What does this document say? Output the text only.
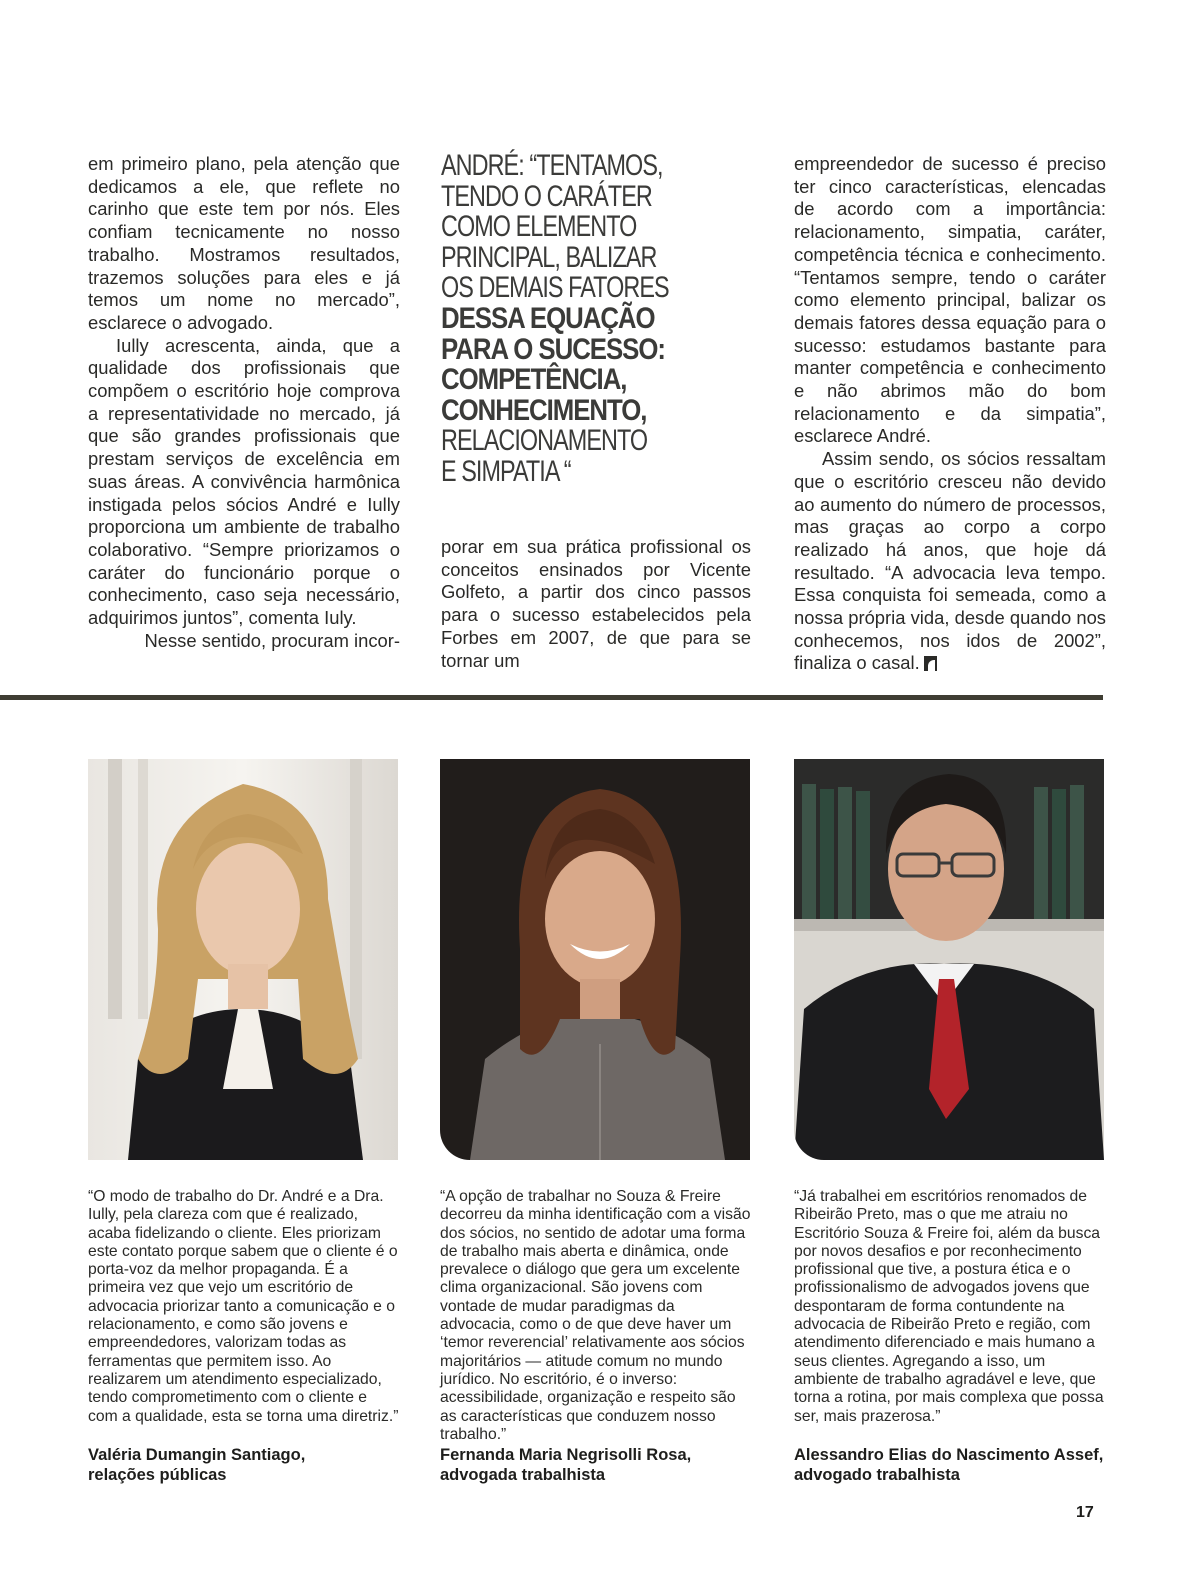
em primeiro plano, pela atenção que dedicamos a ele, que reflete no carinho que este tem por nós. Eles confiam tecnicamente no nosso trabalho. Mostramos resultados, trazemos soluções para eles e já temos um nome no mercado”, esclarece o advogado.

Iully acrescenta, ainda, que a qualidade dos profissionais que compõem o escritório hoje comprova a representatividade no mercado, já que são grandes profissionais que prestam serviços de excelência em suas áreas. A convivência harmônica instigada pelos sócios André e Iully proporciona um ambiente de trabalho colaborativo. “Sempre priorizamos o caráter do funcionário porque o conhecimento, caso seja necessário, adquirimos juntos”, comenta Iuly.

Nesse sentido, procuram incor-

ANDRÉ: “TENTAMOS,
TENDO O CARÁTER
COMO ELEMENTO
PRINCIPAL, BALIZAR
OS DEMAIS FATORES
DESSA EQUAÇÃO
PARA O SUCESSO:
COMPETÊNCIA,
CONHECIMENTO,
RELACIONAMENTO
E SIMPATIA “

porar em sua prática profissional os conceitos ensinados por Vicente Golfeto, a partir dos cinco passos para o sucesso estabelecidos pela Forbes em 2007, de que para se tornar um

empreendedor de sucesso é preciso ter cinco características, elencadas de acordo com a importância: relacionamento, simpatia, caráter, competência técnica e conhecimento. “Tentamos sempre, tendo o caráter como elemento principal, balizar os demais fatores dessa equação para o sucesso: estudamos bastante para manter competência e conhecimento e não abrimos mão do bom relacionamento e da simpatia”, esclarece André.

Assim sendo, os sócios ressaltam que o escritório cresceu não devido ao aumento do número de processos, mas graças ao corpo a corpo realizado há anos, que hoje dá resultado. “A advocacia leva tempo. Essa conquista foi semeada, como a nossa própria vida, desde quando nos conhecemos, nos idos de 2002”, finaliza o casal.

“O modo de trabalho do Dr. André e a Dra. Iully, pela clareza com que é realizado, acaba fidelizando o cliente. Eles priorizam este contato porque sabem que o cliente é o porta-voz da melhor propaganda. É a primeira vez que vejo um escritório de advocacia priorizar tanto a comunicação e o relacionamento, e como são jovens e empreendedores, valorizam todas as ferramentas que permitem isso. Ao realizarem um atendimento especializado, tendo comprometimento com o cliente e com a qualidade, esta se torna uma diretriz.”
“A opção de trabalhar no Souza & Freire decorreu da minha identificação com a visão dos sócios, no sentido de adotar uma forma de trabalho mais aberta e dinâmica, onde prevalece o diálogo que gera um excelente clima organizacional. São jovens com vontade de mudar paradigmas da advocacia, como o de que deve haver um ‘temor reverencial’ relativamente aos sócios majoritários — atitude comum no mundo jurídico. No escritório, é o inverso: acessibilidade, organização e respeito são as características que conduzem nosso trabalho.”
“Já trabalhei em escritórios renomados de Ribeirão Preto, mas o que me atraiu no Escritório Souza & Freire foi, além da busca por novos desafios e por reconhecimento profissional que tive, a postura ética e o profissionalismo de advogados jovens que despontaram de forma contundente na advocacia de Ribeirão Preto e região, com atendimento diferenciado e mais humano a seus clientes. Agregando a isso, um ambiente de trabalho agradável e leve, que torna a rotina, por mais complexa que possa ser, mais prazerosa.”
Valéria Dumangin Santiago,
relações públicas
Fernanda Maria Negrisolli Rosa,
advogada trabalhista
Alessandro Elias do Nascimento Assef,
advogado trabalhista
17
